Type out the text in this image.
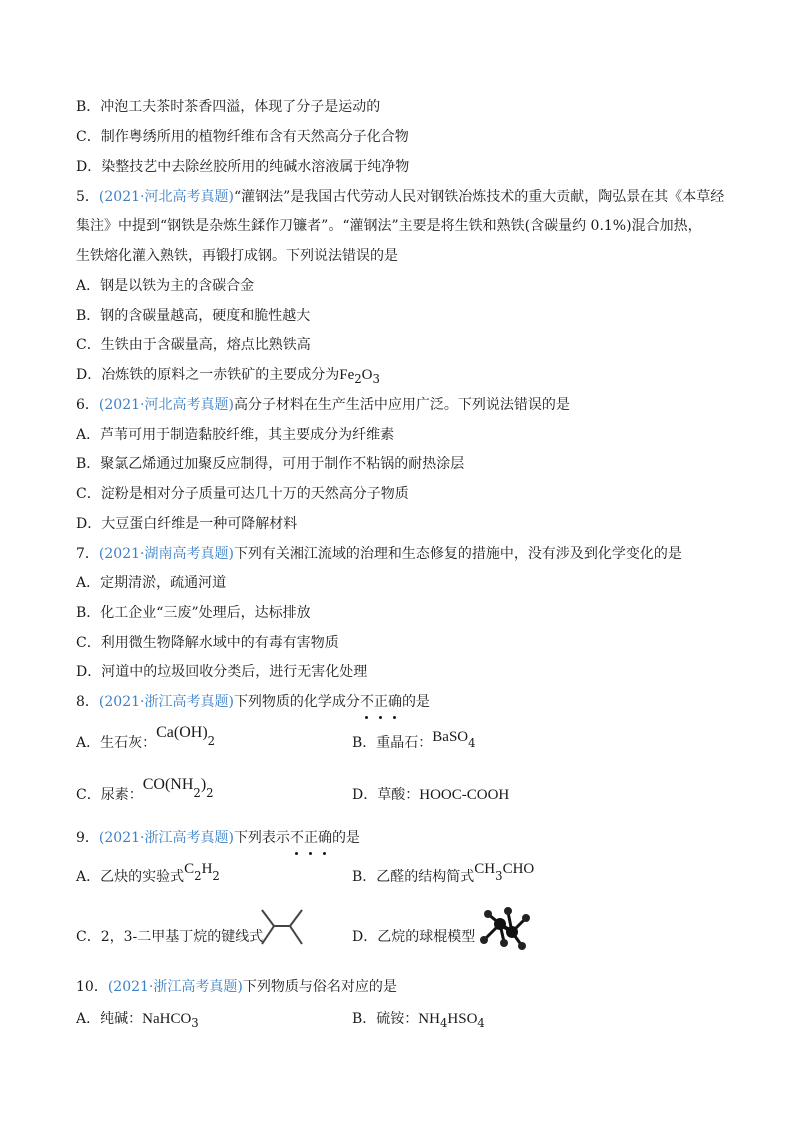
B．冲泡工夫茶时茶香四溢，体现了分子是运动的
C．制作粤绣所用的植物纤维布含有天然高分子化合物
D．染整技艺中去除丝胶所用的纯碱水溶液属于纯净物
5．(2021·河北高考真题)“灌钢法”是我国古代劳动人民对钢铁冶炼技术的重大贡献，陶弘景在其《本草经
集注》中提到“钢铁是杂炼生鍒作刀镰者”。“灌钢法”主要是将生铁和熟铁(含碳量约 0.1%)混合加热，
生铁熔化灌入熟铁，再锻打成钢。下列说法错误的是
A．钢是以铁为主的含碳合金
B．钢的含碳量越高，硬度和脆性越大
C．生铁由于含碳量高，熔点比熟铁高
D．冶炼铁的原料之一赤铁矿的主要成分为$Fe_2O_3$
6．(2021·河北高考真题)高分子材料在生产生活中应用广泛。下列说法错误的是
A．芦苇可用于制造黏胶纤维，其主要成分为纤维素
B．聚氯乙烯通过加聚反应制得，可用于制作不粘锅的耐热涂层
C．淀粉是相对分子质量可达几十万的天然高分子物质
D．大豆蛋白纤维是一种可降解材料
7．(2021·湖南高考真题)下列有关湘江流域的治理和生态修复的措施中，没有涉及到化学变化的是
A．定期清淤，疏通河道
B．化工企业“三废”处理后，达标排放
C．利用微生物降解水域中的有毒有害物质
D．河道中的垃圾回收分类后，进行无害化处理
8．(2021·浙江高考真题)下列物质的化学成分不正确的是
A．生石灰：$Ca(OH)_2$	B．重晶石：BaSO$_4$
C．尿素：$CO(NH_2)_2$	D．草酸：HOOC-COOH
9．(2021·浙江高考真题)下列表示不正确的是
A．乙炔的实验式$C_2H_2$	B．乙醛的结构简式$CH_3CHO$
C．2，3-二甲基丁烷的键线式	D．乙烷的球棍模型
10．(2021·浙江高考真题)下列物质与俗名对应的是
A．纯碱：NaHCO$_3$	B．硫铵：$NH_4HSO_4$
